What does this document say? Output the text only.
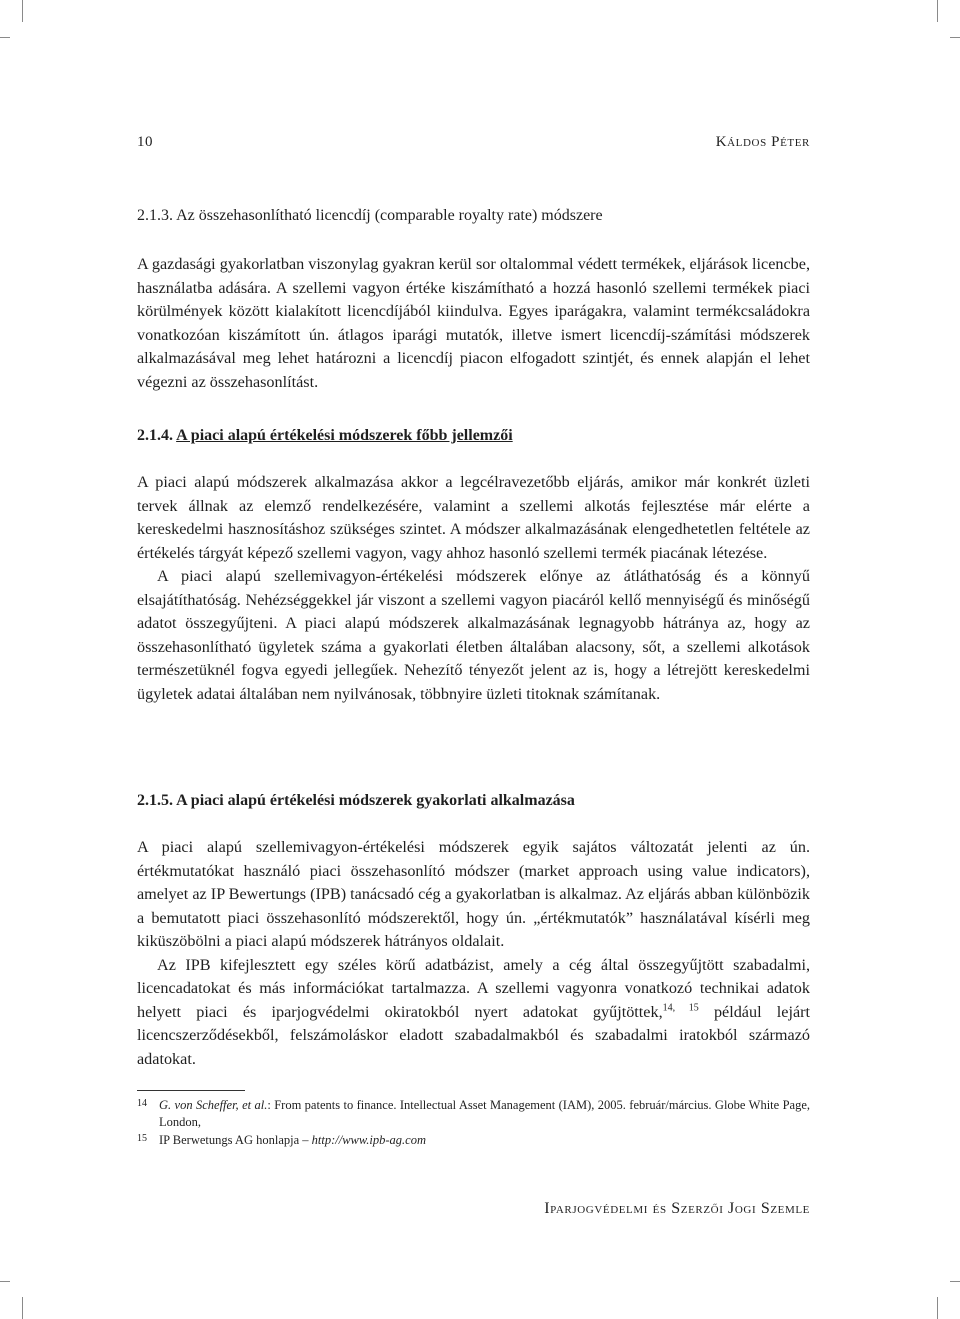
10	Káldos Péter

2.1.3. Az összehasonlítható licencdíj (comparable royalty rate) módszere

A gazdasági gyakorlatban viszonylag gyakran kerül sor oltalommal védett termékek, eljárások licencbe, használatba adására. A szellemi vagyon értéke kiszámítható a hozzá hasonló szellemi termékek piaci körülmények között kialakított licencdíjából kiindulva. Egyes iparágakra, valamint termékcsaládokra vonatkozóan kiszámított ún. átlagos iparági mutatók, illetve ismert licencdíj-számítási módszerek alkalmazásával meg lehet határozni a licencdíj piacon elfogadott szintjét, és ennek alapján el lehet végezni az összehasonlítást.

2.1.4. A piaci alapú értékelési módszerek főbb jellemzői

A piaci alapú módszerek alkalmazása akkor a legcélravezetőbb eljárás, amikor már konkrét üzleti tervek állnak az elemző rendelkezésére, valamint a szellemi alkotás fejlesztése már elérte a kereskedelmi hasznosításhoz szükséges szintet. A módszer alkalmazásának elengedhetetlen feltétele az értékelés tárgyát képező szellemi vagyon, vagy ahhoz hasonló szellemi termék piacának létezése.

A piaci alapú szellemivagyon-értékelési módszerek előnye az átláthatóság és a könnyű elsajátíthatóság. Nehézséggekkel jár viszont a szellemi vagyon piacáról kellő mennyiségű és minőségű adatot összegyűjteni. A piaci alapú módszerek alkalmazásának legnagyobb hátránya az, hogy az összehasonlítható ügyletek száma a gyakorlati életben általában alacsony, sőt, a szellemi alkotások természetüknél fogva egyedi jellegűek. Nehezítő tényezőt jelent az is, hogy a létrejött kereskedelmi ügyletek adatai általában nem nyilvánosak, többnyire üzleti titoknak számítanak.

2.1.5. A piaci alapú értékelési módszerek gyakorlati alkalmazása

A piaci alapú szellemivagyon-értékelési módszerek egyik sajátos változatát jelenti az ún. értékmutatókat használó piaci összehasonlító módszer (market approach using value indicators), amelyet az IP Bewertungs (IPB) tanácsadó cég a gyakorlatban is alkalmaz. Az eljárás abban különbözik a bemutatott piaci összehasonlító módszerektől, hogy ún. „értékmutatók” használatával kísérli meg kiküszöbölni a piaci alapú módszerek hátrányos oldalait.

Az IPB kifejlesztett egy széles körű adatbázist, amely a cég által összegyűjtött szabadalmi, licencadatokat és más információkat tartalmazza. A szellemi vagyonra vonatkozó technikai adatok helyett piaci és iparjogvédelmi okiratokból nyert adatokat gyűjtöttek,$^{14, 15}$ például lejárt licencszerződésekből, felszámoláskor eladott szabadalmakból és szabadalmi iratokból származó adatokat.

14 G. von Scheffer, et al.: From patents to finance. Intellectual Asset Management (IAM), 2005. február/március. Globe White Page, London,
15 IP Berwetungs AG honlapja – http://www.ipb-ag.com
Iparjogvédelmi és Szerzői Jogi Szemle
